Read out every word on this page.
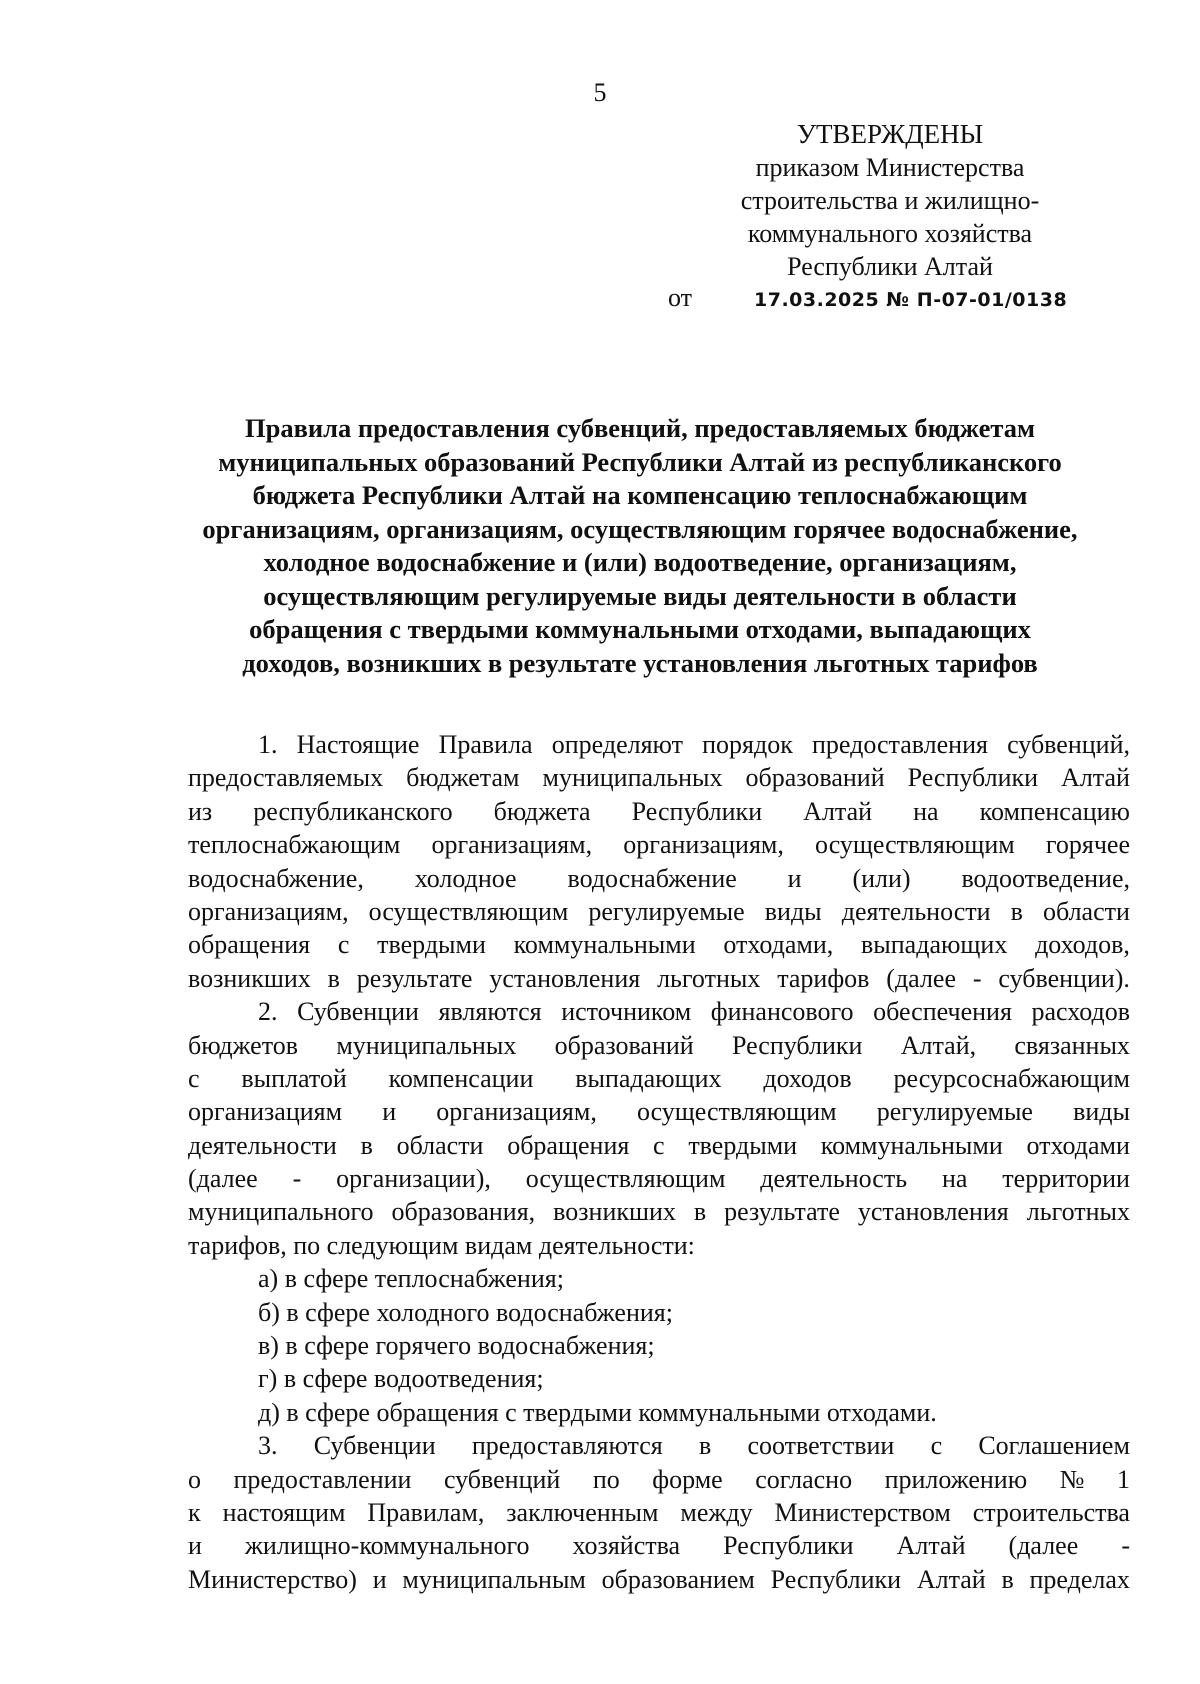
5
УТВЕРЖДЕНЫ
приказом Министерства
строительства и жилищно-
коммунального хозяйства
Республики Алтай
от	17.03.2025 № П-07-01/0138
Правила предоставления субвенций, предоставляемых бюджетам
муниципальных образований Республики Алтай из республиканского
бюджета Республики Алтай на компенсацию теплоснабжающим
организациям, организациям, осуществляющим горячее водоснабжение,
холодное водоснабжение и (или) водоотведение, организациям,
осуществляющим регулируемые виды деятельности в области
обращения с твердыми коммунальными отходами, выпадающих
доходов, возникших в результате установления льготных тарифов
1. Настоящие Правила определяют порядок предоставления субвенций,
предоставляемых бюджетам муниципальных образований Республики Алтай
из республиканского бюджета Республики Алтай на компенсацию
теплоснабжающим организациям, организациям, осуществляющим горячее
водоснабжение, холодное водоснабжение и (или) водоотведение,
организациям, осуществляющим регулируемые виды деятельности в области
обращения с твердыми коммунальными отходами, выпадающих доходов,
возникших в результате установления льготных тарифов (далее - субвенции).
2. Субвенции являются источником финансового обеспечения расходов
бюджетов муниципальных образований Республики Алтай, связанных
с выплатой компенсации выпадающих доходов ресурсоснабжающим
организациям и организациям, осуществляющим регулируемые виды
деятельности в области обращения с твердыми коммунальными отходами
(далее - организации), осуществляющим деятельность на территории
муниципального образования, возникших в результате установления льготных
тарифов, по следующим видам деятельности:
а) в сфере теплоснабжения;
б) в сфере холодного водоснабжения;
в) в сфере горячего водоснабжения;
г) в сфере водоотведения;
д) в сфере обращения с твердыми коммунальными отходами.
3. Субвенции предоставляются в соответствии с Соглашением
о предоставлении субвенций по форме согласно приложению № 1
к настоящим Правилам, заключенным между Министерством строительства
и жилищно-коммунального хозяйства Республики Алтай (далее -
Министерство) и муниципальным образованием Республики Алтай в пределах
